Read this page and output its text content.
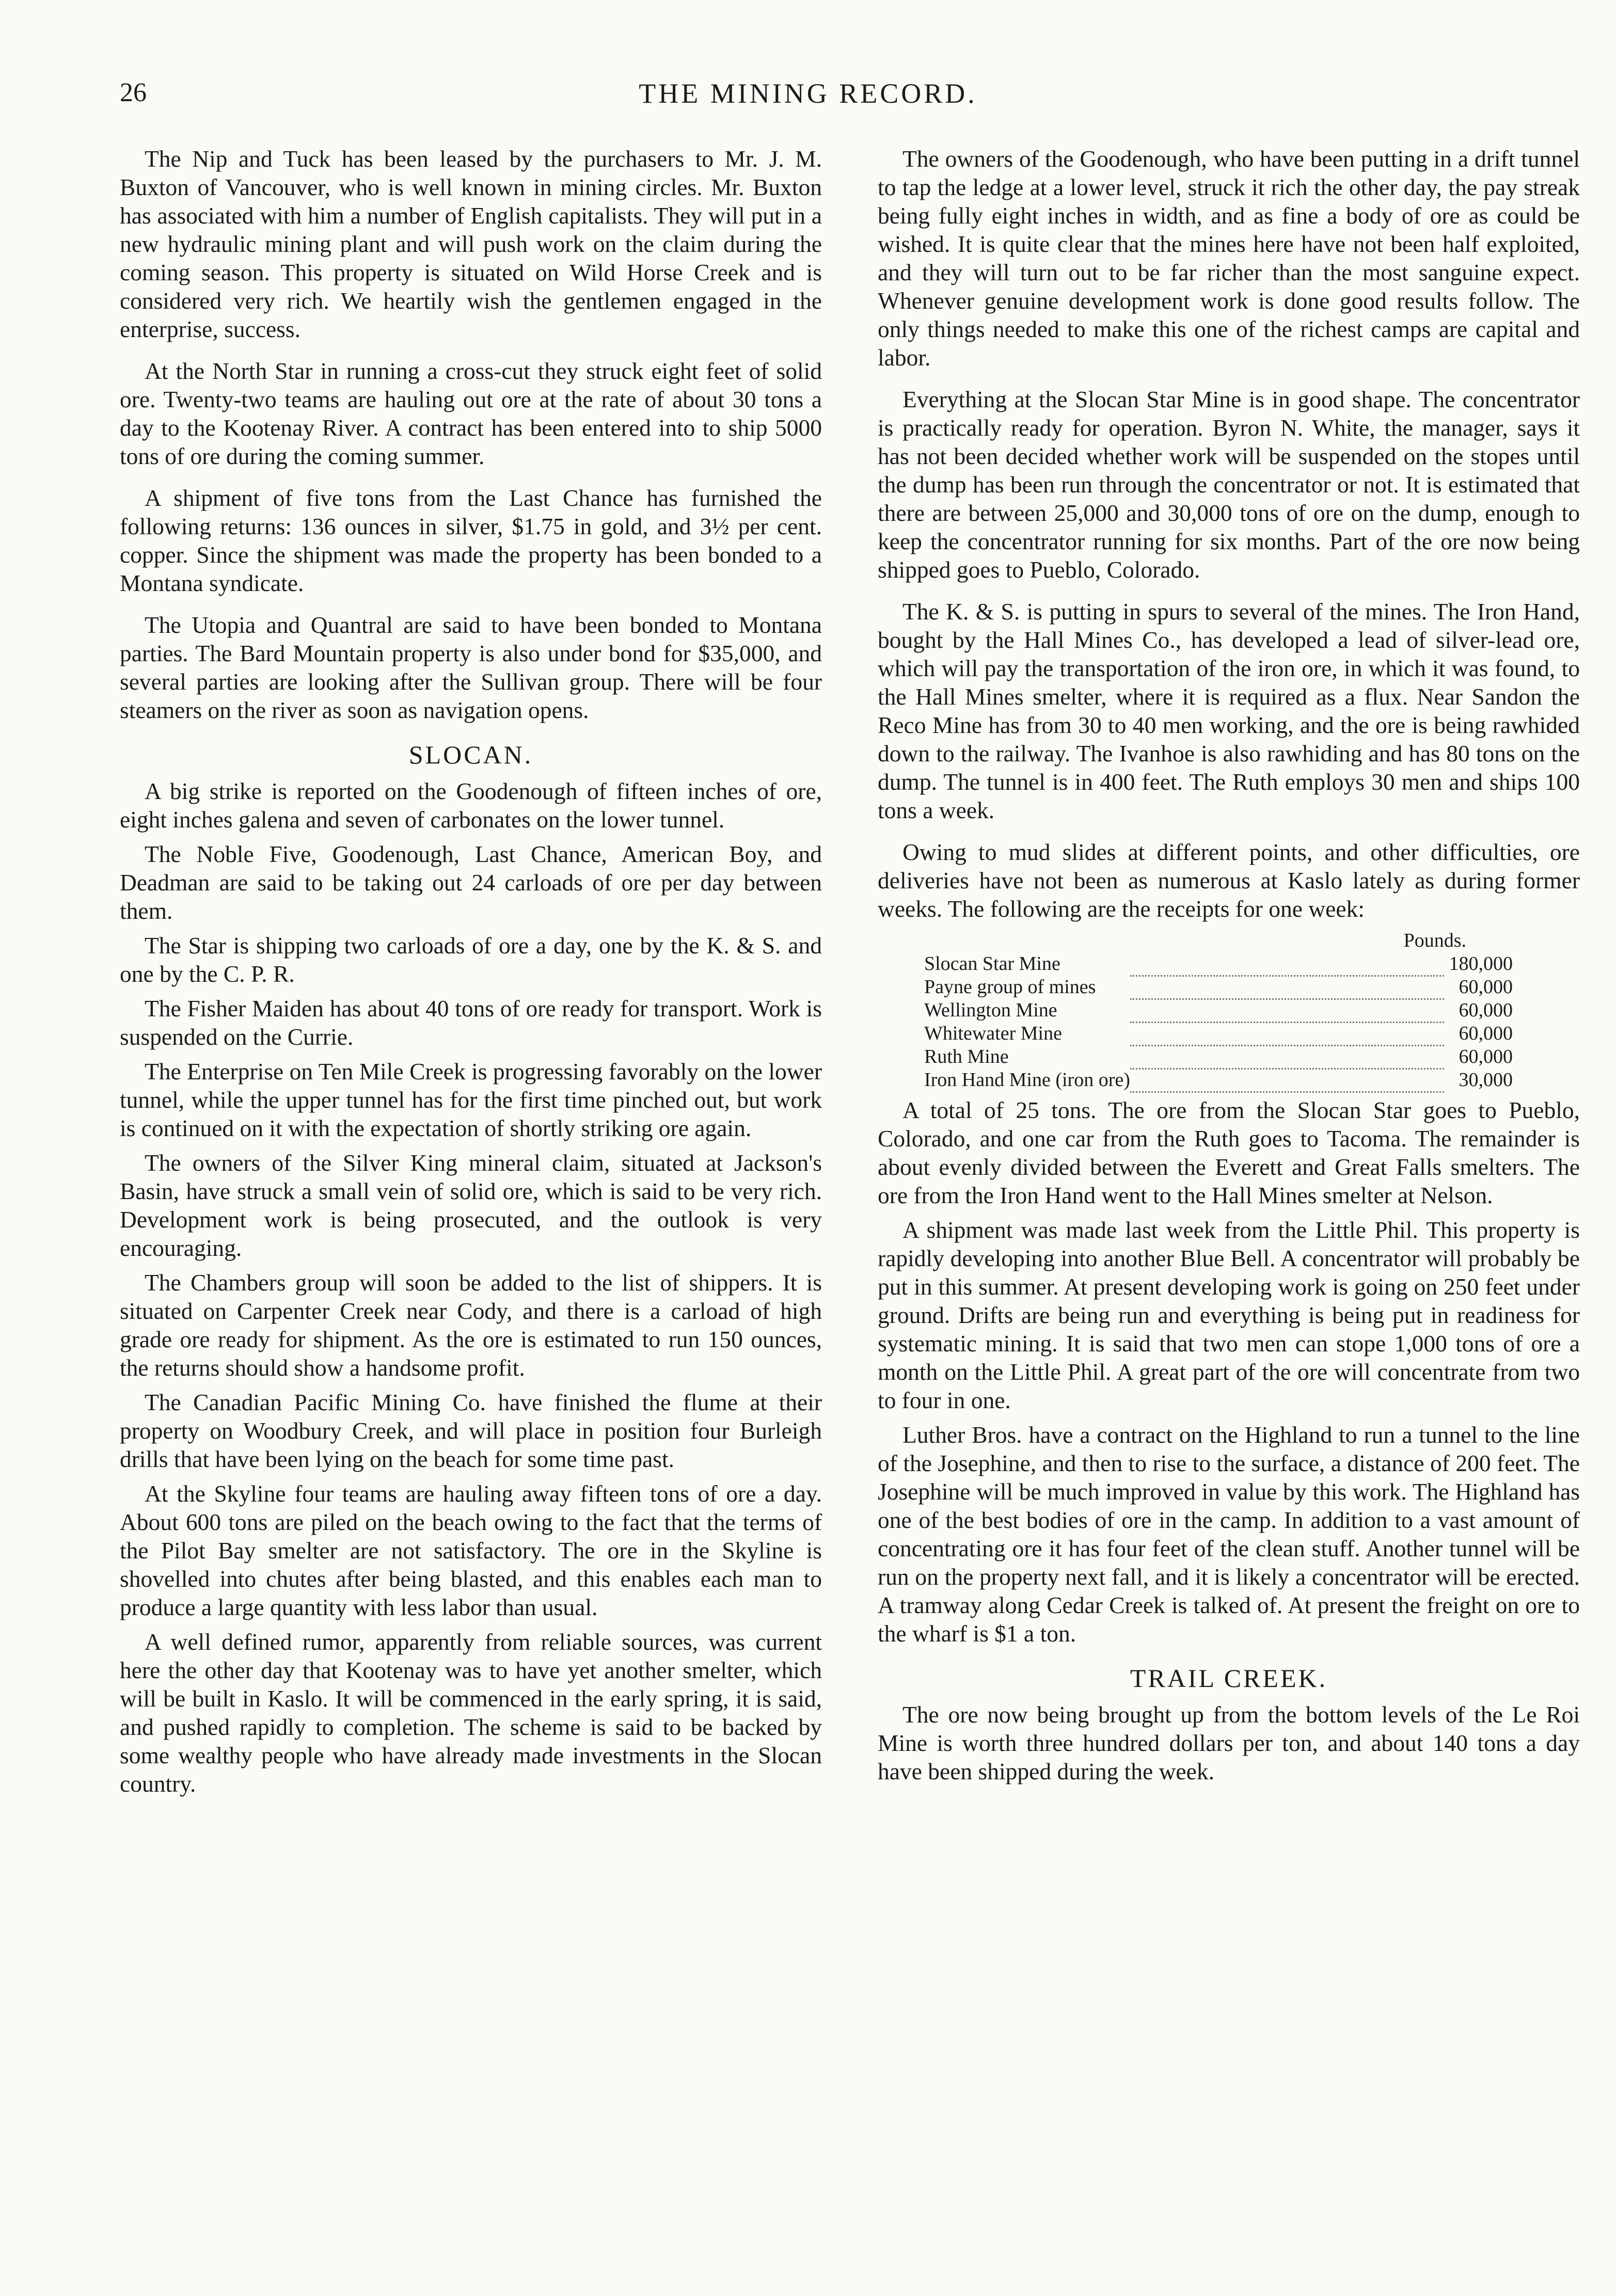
26	THE MINING RECORD.

The Nip and Tuck has been leased by the purchasers to Mr. J. M. Buxton of Vancouver, who is well known in mining circles. Mr. Buxton has associated with him a number of English capitalists. They will put in a new hydraulic mining plant and will push work on the claim during the coming season. This property is situated on Wild Horse Creek and is considered very rich. We heartily wish the gentlemen engaged in the enterprise, success.

At the North Star in running a cross-cut they struck eight feet of solid ore. Twenty-two teams are hauling out ore at the rate of about 30 tons a day to the Kootenay River. A contract has been entered into to ship 5000 tons of ore during the coming summer.

A shipment of five tons from the Last Chance has furnished the following returns: 136 ounces in silver, $1.75 in gold, and 3½ per cent. copper. Since the shipment was made the property has been bonded to a Montana syndicate.

The Utopia and Quantral are said to have been bonded to Montana parties. The Bard Mountain property is also under bond for $35,000, and several parties are looking after the Sullivan group. There will be four steamers on the river as soon as navigation opens.

SLOCAN.

A big strike is reported on the Goodenough of fifteen inches of ore, eight inches galena and seven of carbonates on the lower tunnel.

The Noble Five, Goodenough, Last Chance, American Boy, and Deadman are said to be taking out 24 carloads of ore per day between them.

The Star is shipping two carloads of ore a day, one by the K. & S. and one by the C. P. R.

The Fisher Maiden has about 40 tons of ore ready for transport. Work is suspended on the Currie.

The Enterprise on Ten Mile Creek is progressing favorably on the lower tunnel, while the upper tunnel has for the first time pinched out, but work is continued on it with the expectation of shortly striking ore again.

The owners of the Silver King mineral claim, situated at Jackson's Basin, have struck a small vein of solid ore, which is said to be very rich. Development work is being prosecuted, and the outlook is very encouraging.

The Chambers group will soon be added to the list of shippers. It is situated on Carpenter Creek near Cody, and there is a carload of high grade ore ready for shipment. As the ore is estimated to run 150 ounces, the returns should show a handsome profit.

The Canadian Pacific Mining Co. have finished the flume at their property on Woodbury Creek, and will place in position four Burleigh drills that have been lying on the beach for some time past.

At the Skyline four teams are hauling away fifteen tons of ore a day. About 600 tons are piled on the beach owing to the fact that the terms of the Pilot Bay smelter are not satisfactory. The ore in the Skyline is shovelled into chutes after being blasted, and this enables each man to produce a large quantity with less labor than usual.

A well defined rumor, apparently from reliable sources, was current here the other day that Kootenay was to have yet another smelter, which will be built in Kaslo. It will be commenced in the early spring, it is said, and pushed rapidly to completion. The scheme is said to be backed by some wealthy people who have already made investments in the Slocan country.

The owners of the Goodenough, who have been putting in a drift tunnel to tap the ledge at a lower level, struck it rich the other day, the pay streak being fully eight inches in width, and as fine a body of ore as could be wished. It is quite clear that the mines here have not been half exploited, and they will turn out to be far richer than the most sanguine expect. Whenever genuine development work is done good results follow. The only things needed to make this one of the richest camps are capital and labor.

Everything at the Slocan Star Mine is in good shape. The concentrator is practically ready for operation. Byron N. White, the manager, says it has not been decided whether work will be suspended on the stopes until the dump has been run through the concentrator or not. It is estimated that there are between 25,000 and 30,000 tons of ore on the dump, enough to keep the concentrator running for six months. Part of the ore now being shipped goes to Pueblo, Colorado.

The K. & S. is putting in spurs to several of the mines. The Iron Hand, bought by the Hall Mines Co., has developed a lead of silver-lead ore, which will pay the transportation of the iron ore, in which it was found, to the Hall Mines smelter, where it is required as a flux. Near Sandon the Reco Mine has from 30 to 40 men working, and the ore is being rawhided down to the railway. The Ivanhoe is also rawhiding and has 80 tons on the dump. The tunnel is in 400 feet. The Ruth employs 30 men and ships 100 tons a week.

Owing to mud slides at different points, and other difficulties, ore deliveries have not been as numerous at Kaslo lately as during former weeks. The following are the receipts for one week:

Pounds.		
Slocan Star Mine		180,000
Payne group of mines		60,000
Wellington Mine		60,000
Whitewater Mine		60,000
Ruth Mine		60,000
Iron Hand Mine (iron ore)		30,000

A total of 25 tons. The ore from the Slocan Star goes to Pueblo, Colorado, and one car from the Ruth goes to Tacoma. The remainder is about evenly divided between the Everett and Great Falls smelters. The ore from the Iron Hand went to the Hall Mines smelter at Nelson.

A shipment was made last week from the Little Phil. This property is rapidly developing into another Blue Bell. A concentrator will probably be put in this summer. At present developing work is going on 250 feet under ground. Drifts are being run and everything is being put in readiness for systematic mining. It is said that two men can stope 1,000 tons of ore a month on the Little Phil. A great part of the ore will concentrate from two to four in one.

Luther Bros. have a contract on the Highland to run a tunnel to the line of the Josephine, and then to rise to the surface, a distance of 200 feet. The Josephine will be much improved in value by this work. The Highland has one of the best bodies of ore in the camp. In addition to a vast amount of concentrating ore it has four feet of the clean stuff. Another tunnel will be run on the property next fall, and it is likely a concentrator will be erected. A tramway along Cedar Creek is talked of. At present the freight on ore to the wharf is $1 a ton.

TRAIL CREEK.

The ore now being brought up from the bottom levels of the Le Roi Mine is worth three hundred dollars per ton, and about 140 tons a day have been shipped during the week.
